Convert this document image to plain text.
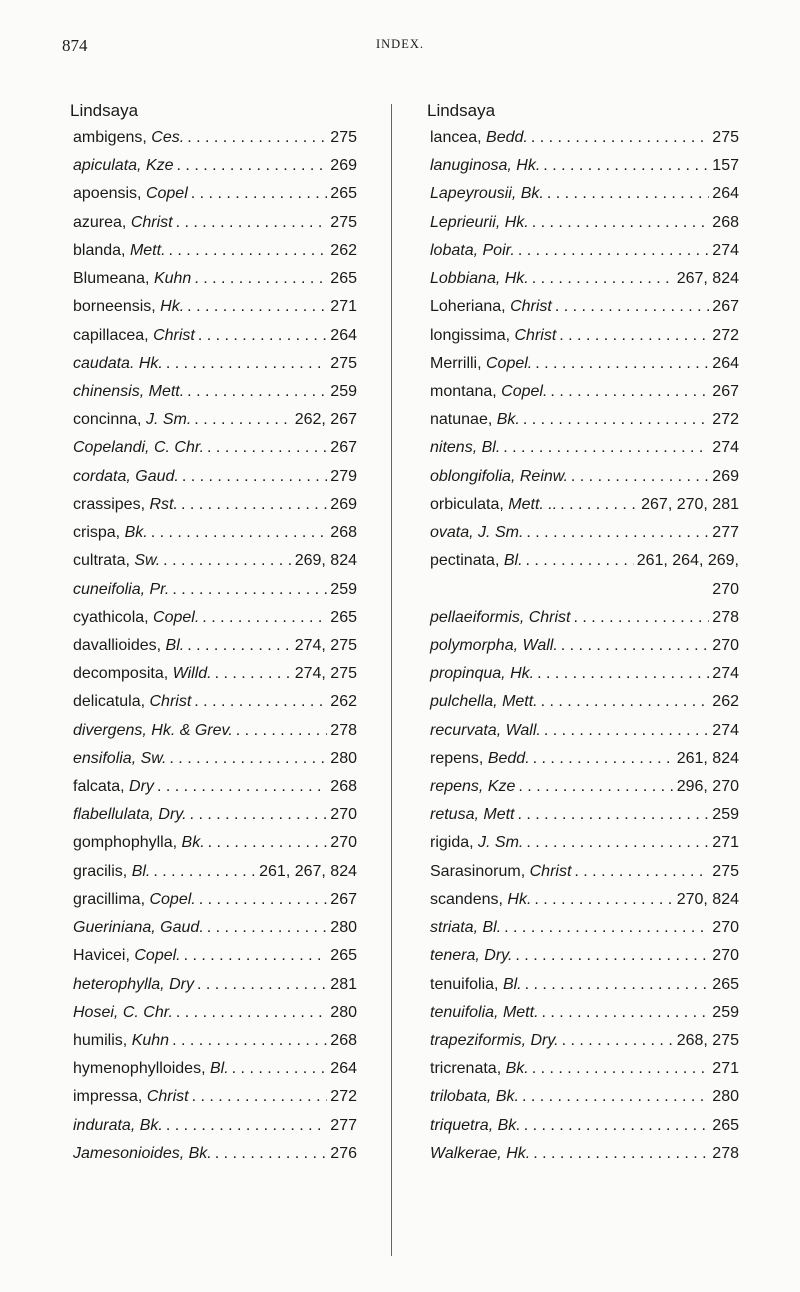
874	INDEX.
Lindsaya
ambigens, Ces. . . .	275
apiculata, Kze . . .	269
apoensis, Copel . . .	265
azurea, Christ . . .	275
blanda, Mett. . . .	262
Blumeana, Kuhn . . .	265
borneensis, Hk. . . .	271
capillacea, Christ . . .	264
caudata. Hk. . . .	275
chinensis, Mett. . . .	259
concinna, J. Sm. . . .	262, 267
Copelandi, C. Chr. . . .	267
cordata, Gaud. . . .	279
crassipes, Rst. . . .	269
crispa, Bk. . . .	268
cultrata, Sw. . . .	269, 824
cuneifolia, Pr. . . .	259
cyathicola, Copel. . . .	265
davallioides, Bl. . . .	274, 275
decomposita, Willd. . . .	274, 275
delicatula, Christ . . .	262
divergens, Hk. & Grev. . . .	278
ensifolia, Sw. . . .	280
falcata, Dry . . .	268
flabellulata, Dry. . . .	270
gomphophylla, Bk. . . .	270
gracilis, Bl. . . .	261, 267, 824
gracillima, Copel. . . .	267
Gueriniana, Gaud. . . .	280
Havicei, Copel. . . .	265
heterophylla, Dry . . .	281
Hosei, C. Chr. . . .	280
humilis, Kuhn . . .	268
hymenophylloides, Bl. . . .	264
impressa, Christ . . .	272
indurata, Bk. . . .	277
Jamesonioides, Bk. . . .	276
Lindsaya
lancea, Bedd. . . .	275
lanuginosa, Hk. . . .	157
Lapeyrousii, Bk. . . .	264
Leprieurii, Hk. . . .	268
lobata, Poir. . . .	274
Lobbiana, Hk. . . .	267, 824
Loheriana, Christ . . .	267
longissima, Christ . . .	272
Merrilli, Copel. . . .	264
montana, Copel. . . .	267
natunae, Bk. . . .	272
nitens, Bl. . . .	274
oblongifolia, Reinw. . . .	269
orbiculata, Mett. .. . . .	267, 270, 281
ovata, J. Sm. . . .	277
pectinata, Bl. . . .	261, 264, 269,
270
pellaeiformis, Christ . . .	278
polymorpha, Wall. . . .	270
propinqua, Hk. . . .	274
pulchella, Mett. . . .	262
recurvata, Wall. . . .	274
repens, Bedd. . . .	261, 824
repens, Kze . . .	296, 270
retusa, Mett . . .	259
rigida, J. Sm. . . .	271
Sarasinorum, Christ . . .	275
scandens, Hk. . . .	270, 824
striata, Bl. . . .	270
tenera, Dry. . . .	270
tenuifolia, Bl. . . .	265
tenuifolia, Mett. . . .	259
trapeziformis, Dry. . . .	268, 275
tricrenata, Bk. . . .	271
trilobata, Bk. . . .	280
triquetra, Bk. . . .	265
Walkerae, Hk. . . .	278
